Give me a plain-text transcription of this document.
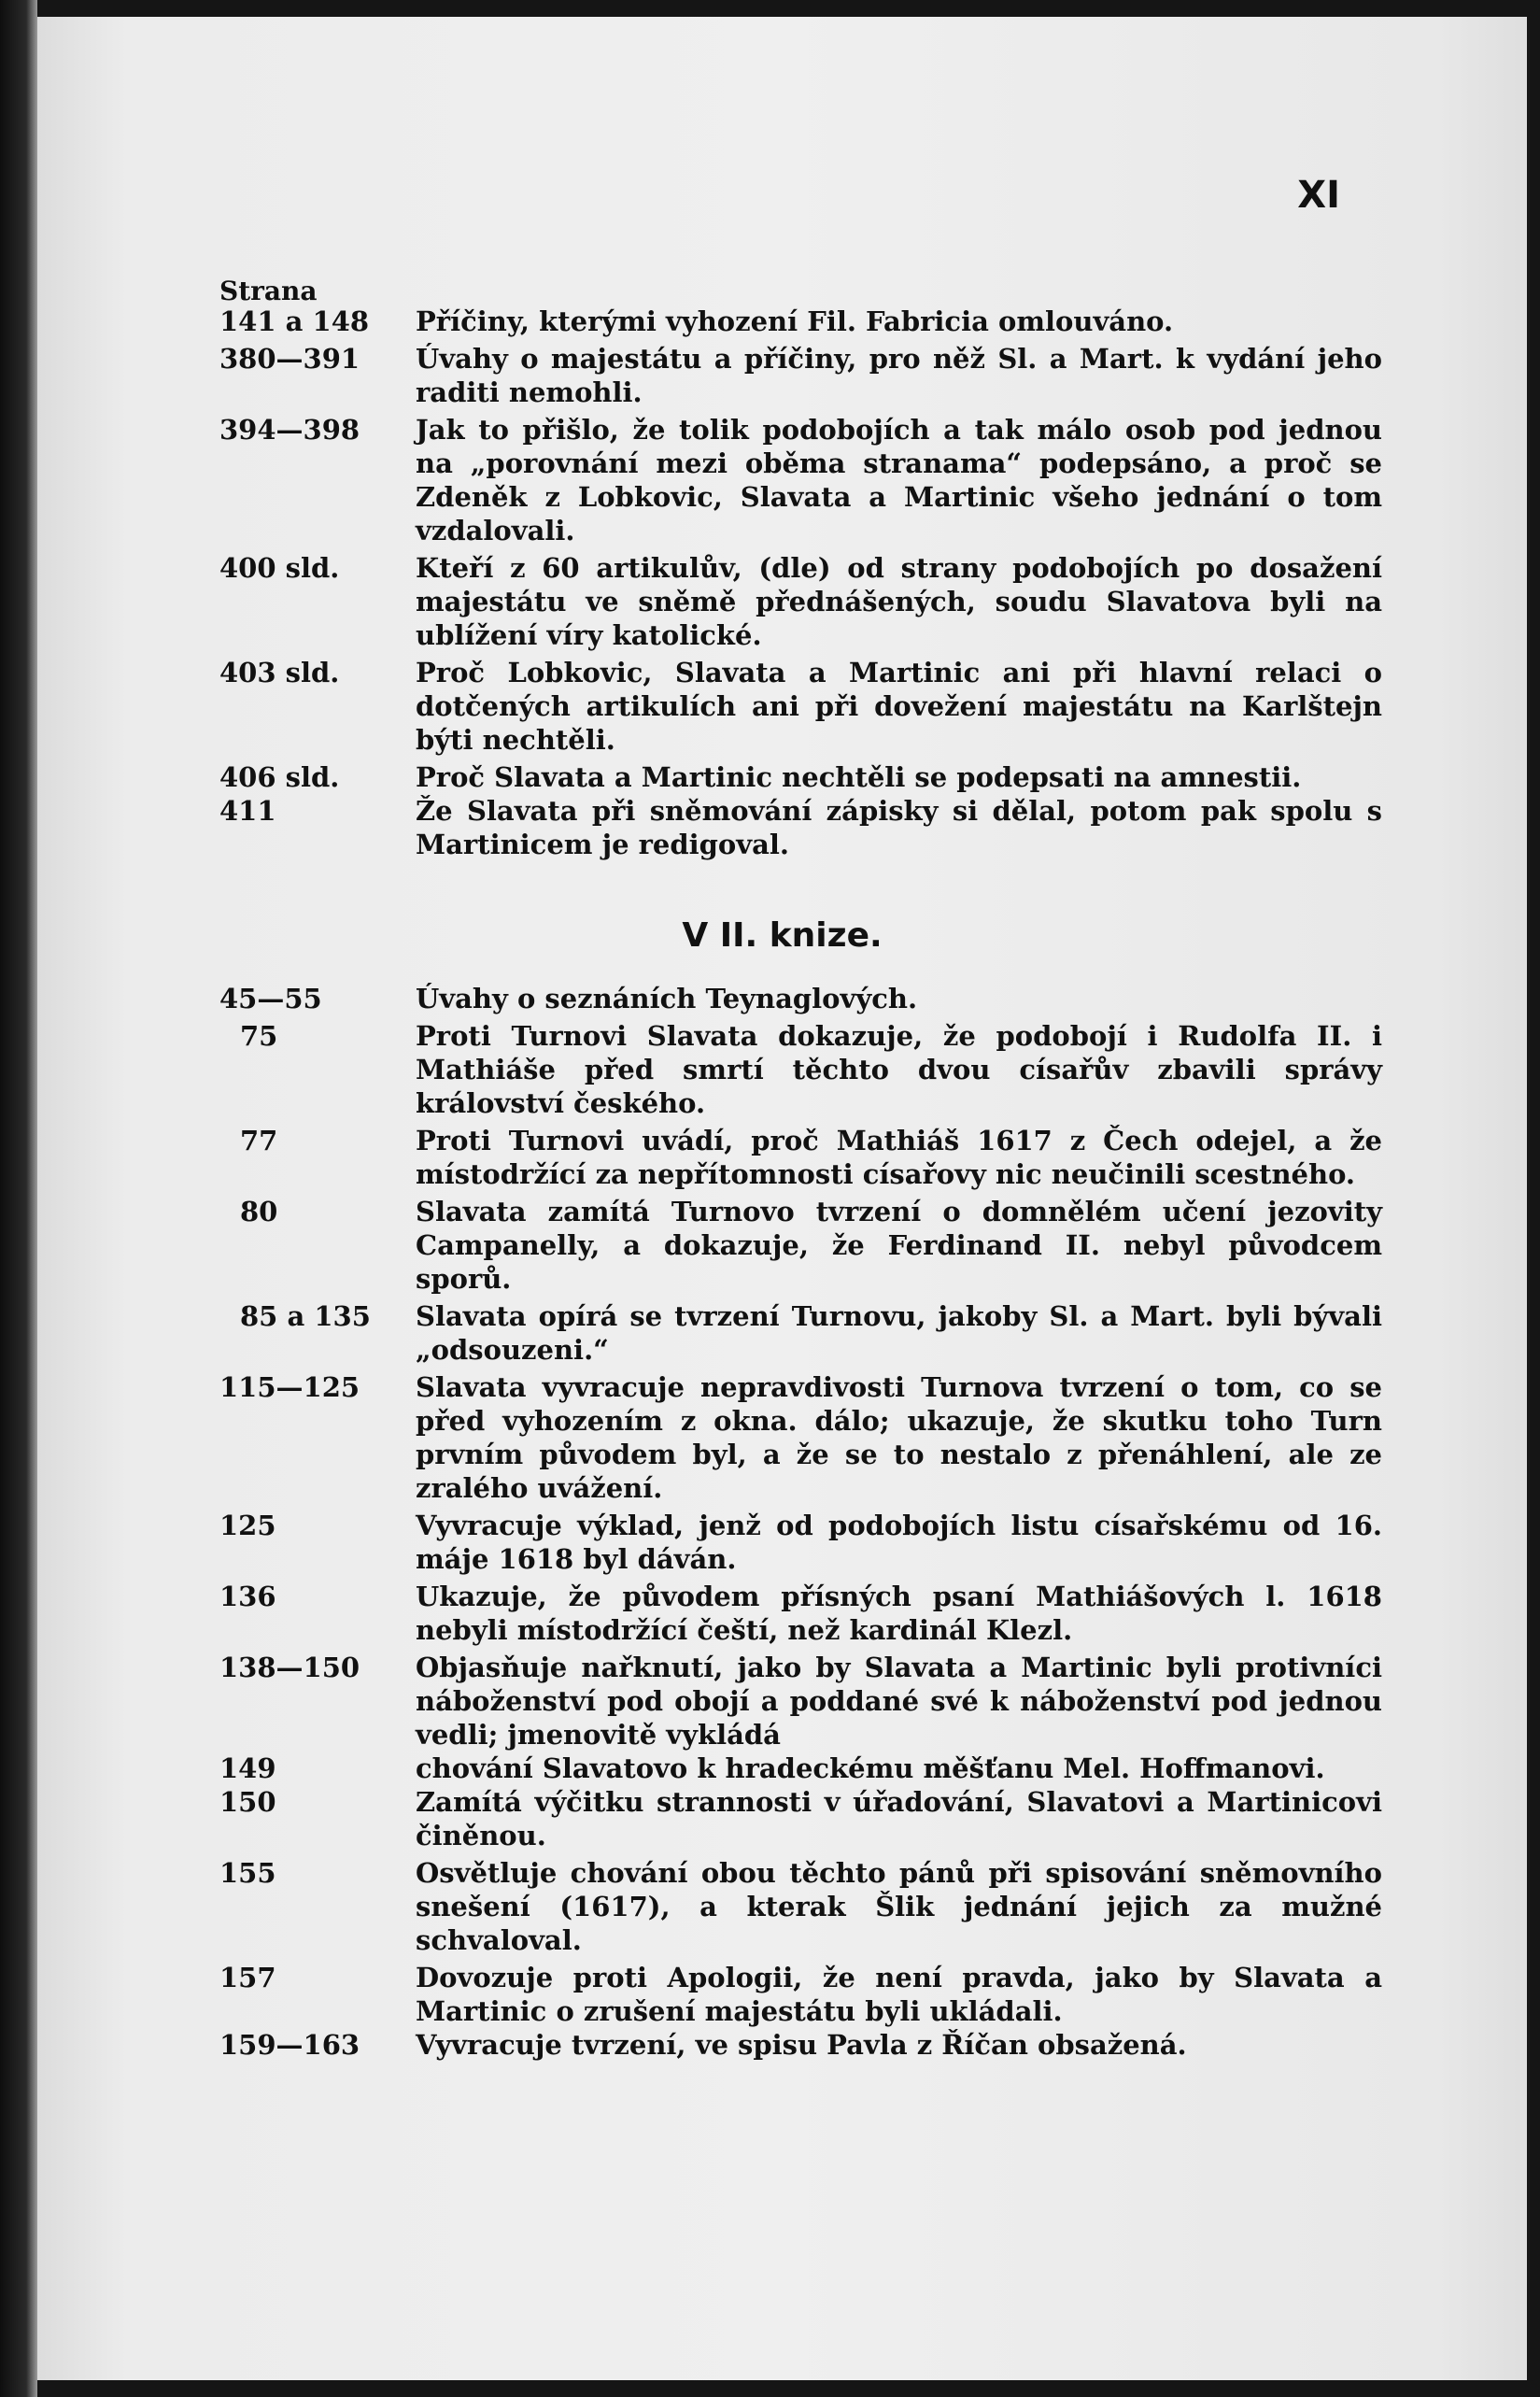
XI
Strana
141 a 148	Příčiny, kterými vyhození Fil. Fabricia omlouváno.
380—391	Úvahy o majestátu a příčiny, pro něž Sl. a Mart. k vydání jeho raditi nemohli.
394—398	Jak to přišlo, že tolik podobojích a tak málo osob pod jednou na „porovnání mezi oběma stranama“ podepsáno, a proč se Zdeněk z Lobkovic, Slavata a Martinic všeho jednání o tom vzdalovali.
400 sld.	Kteří z 60 artikulův, (dle) od strany podobojích po dosažení majestátu ve sněmě přednášených, soudu Slavatova byli na ublížení víry katolické.
403 sld.	Proč Lobkovic, Slavata a Martinic ani při hlavní relaci o dotčených artikulích ani při dovežení majestátu na Karlštejn býti nechtěli.
406 sld.	Proč Slavata a Martinic nechtěli se podepsati na amnestii.
411	Že Slavata při sněmování zápisky si dělal, potom pak spolu s Martinicem je redigoval.
V II. knize.
45—55	Úvahy o seznáních Teynaglových.
75	Proti Turnovi Slavata dokazuje, že podobojí i Rudolfa II. i Mathiáše před smrtí těchto dvou císařův zbavili správy království českého.
77	Proti Turnovi uvádí, proč Mathiáš 1617 z Čech odejel, a že místodržící za nepřítomnosti císařovy nic neučinili scestného.
80	Slavata zamítá Turnovo tvrzení o domnělém učení jezovity Campanelly, a dokazuje, že Ferdinand II. nebyl původcem sporů.
85 a 135	Slavata opírá se tvrzení Turnovu, jakoby Sl. a Mart. byli bývali „odsouzeni.“
115—125	Slavata vyvracuje nepravdivosti Turnova tvrzení o tom, co se před vyhozením z okna. dálo; ukazuje, že skutku toho Turn prvním původem byl, a že se to nestalo z přenáhlení, ale ze zralého uvážení.
125	Vyvracuje výklad, jenž od podobojích listu císařskému od 16. máje 1618 byl dáván.
136	Ukazuje, že původem přísných psaní Mathiášových l. 1618 nebyli místodržící čeští, než kardinál Klezl.
138—150	Objasňuje nařknutí, jako by Slavata a Martinic byli protivníci náboženství pod obojí a poddané své k náboženství pod jednou vedli; jmenovitě vykládá
149	chování Slavatovo k hradeckému měšťanu Mel. Hoffmanovi.
150	Zamítá výčitku strannosti v úřadování, Slavatovi a Martinicovi činěnou.
155	Osvětluje chování obou těchto pánů při spisování sněmovního snešení (1617), a kterak Šlik jednání jejich za mužné schvaloval.
157	Dovozuje proti Apologii, že není pravda, jako by Slavata a Martinic o zrušení majestátu byli ukládali.
159—163	Vyvracuje tvrzení, ve spisu Pavla z Říčan obsažená.
